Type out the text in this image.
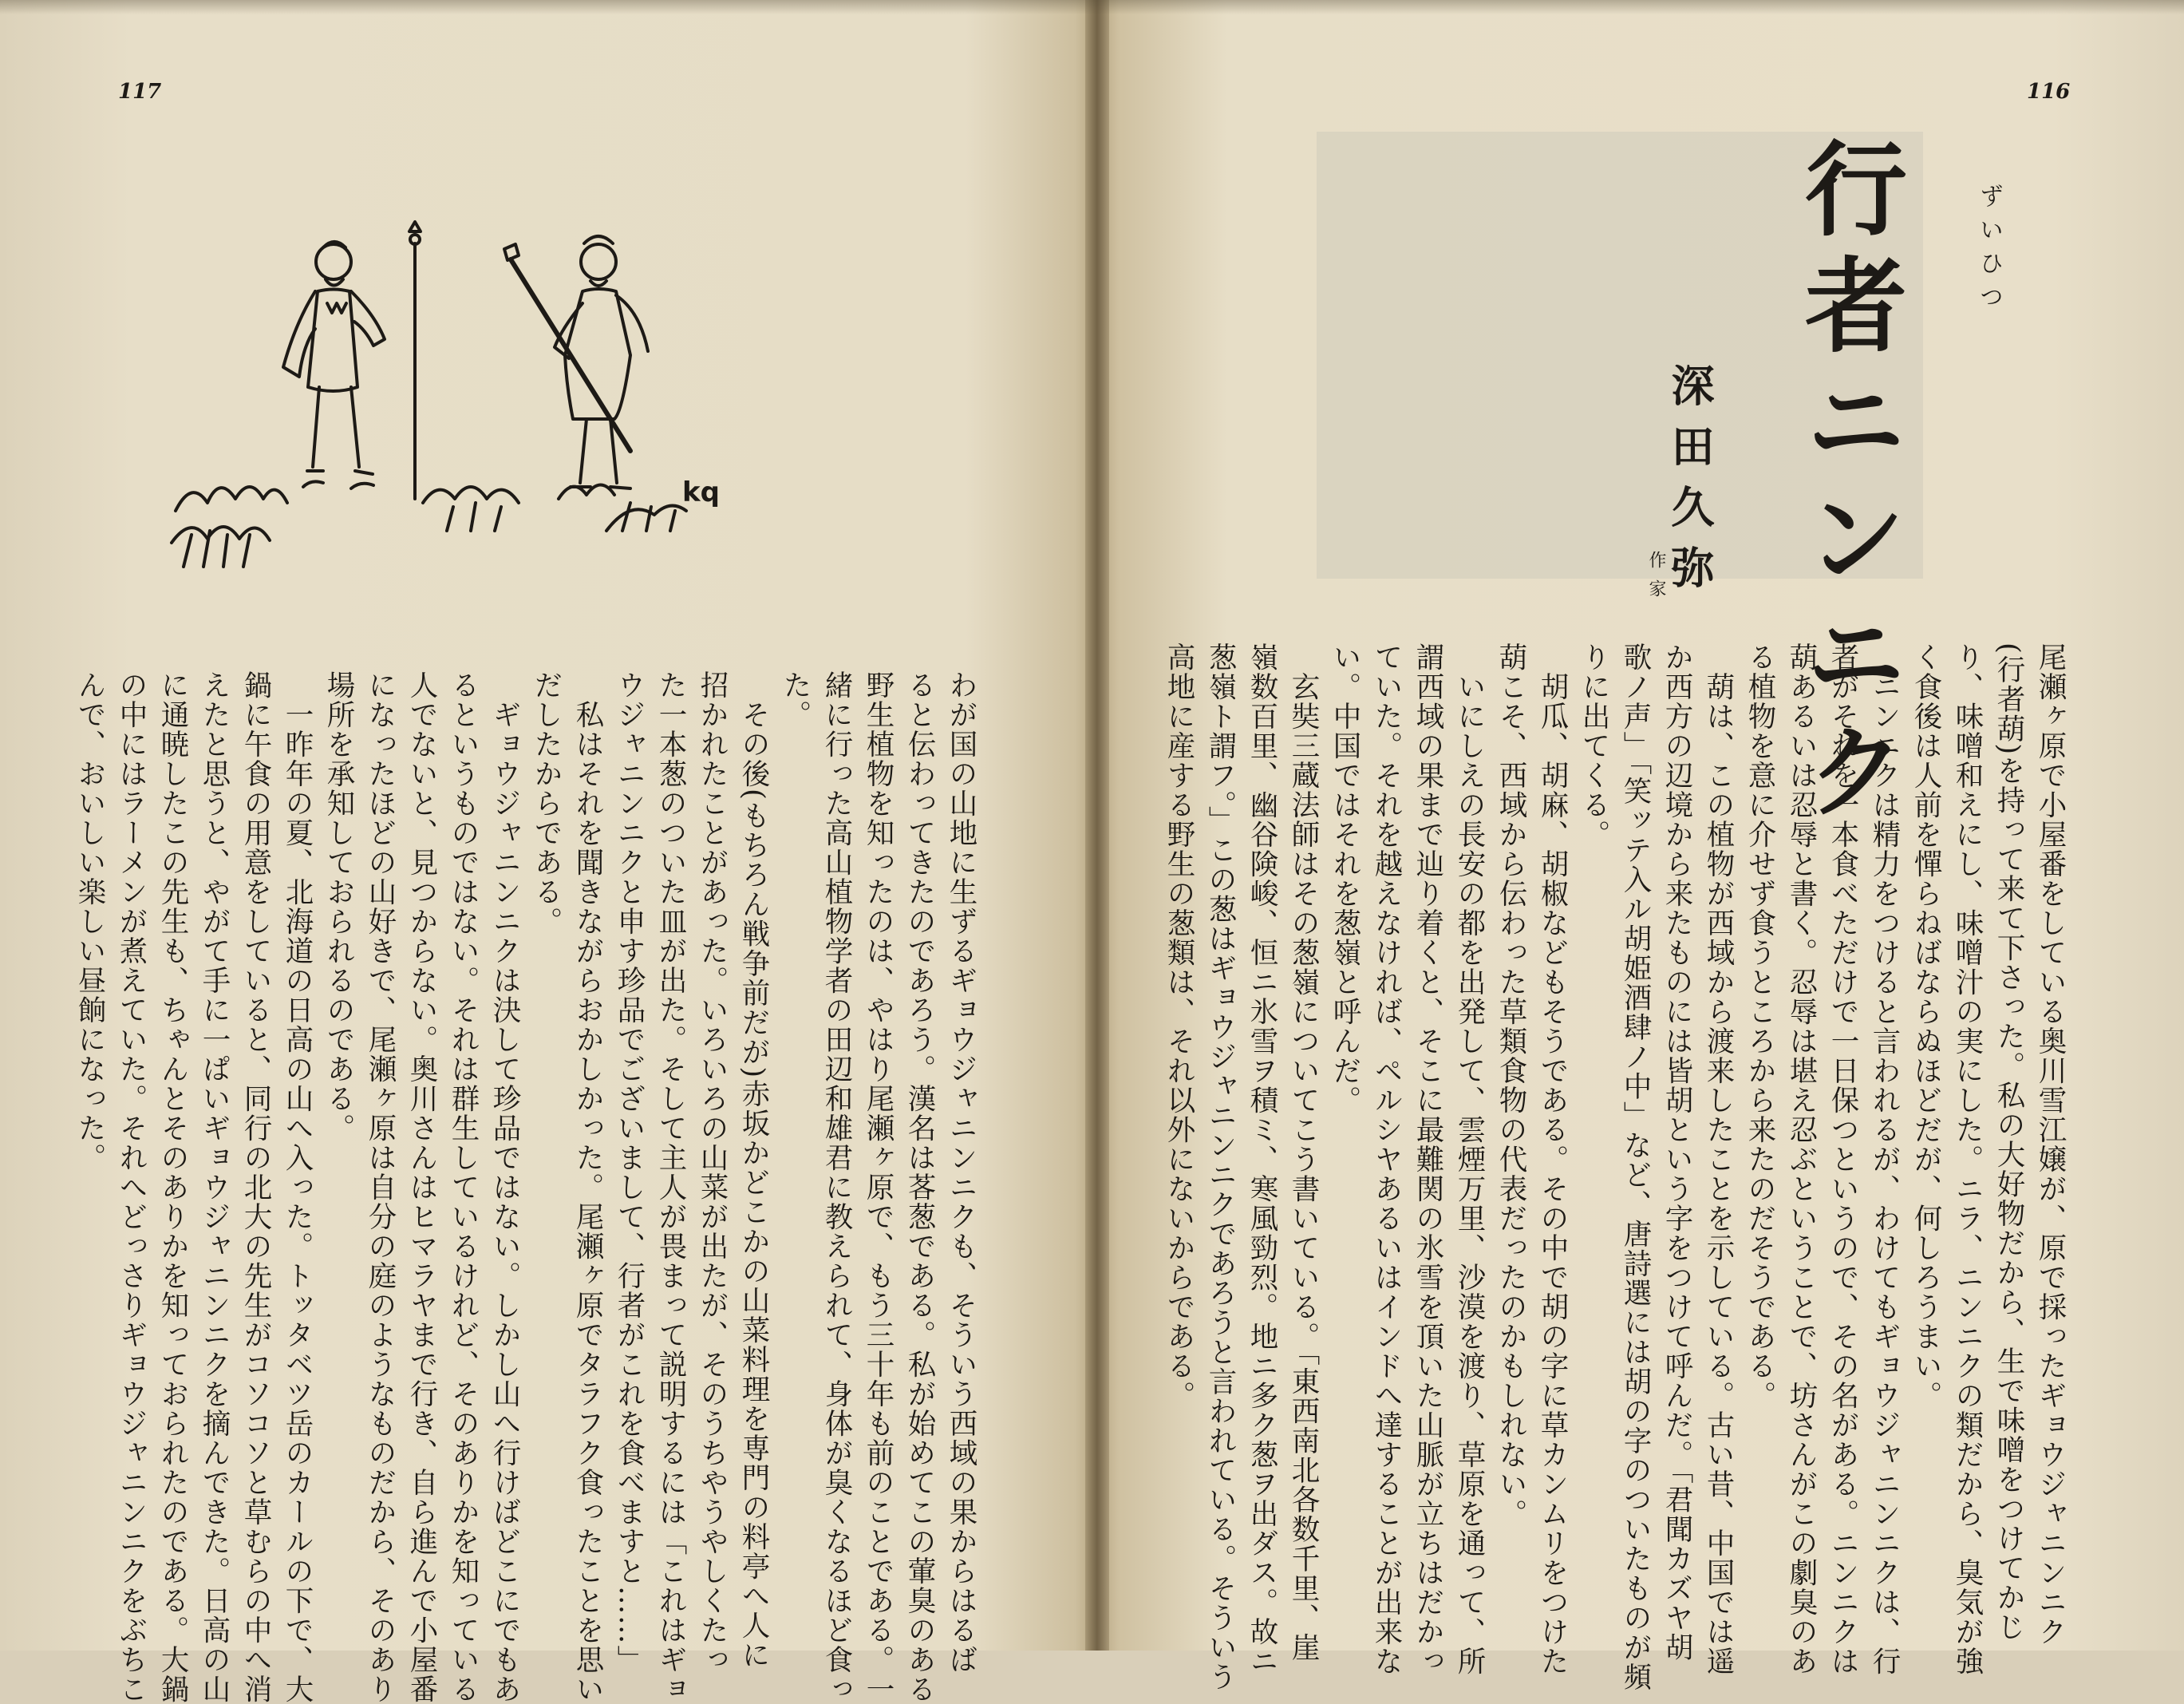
117	116
ずいひつ
行者ニンニク
深田久弥
作家
尾瀬ヶ原で小屋番をしている奥川雪江嬢が、原で採ったギョウジャニンニク
(行者葫)を持って来て下さった。私の大好物だから、生で味噌をつけてかじ
り、味噌和えにし、味噌汁の実にした。ニラ、ニンニクの類だから、臭気が強
く食後は人前を憚らねばならぬほどだが、何しろうまい。
　ニンニクは精力をつけると言われるが、わけてもギョウジャニンニクは、行
者がそれを一本食べただけで一日保つというので、その名がある。ニンニクは
葫あるいは忍辱と書く。忍辱は堪え忍ぶということで、坊さんがこの劇臭のあ
る植物を意に介せず食うところから来たのだそうである。
　葫は、この植物が西域から渡来したことを示している。古い昔、中国では遥
か西方の辺境から来たものには皆胡という字をつけて呼んだ。「君聞カズヤ胡
歌ノ声」「笑ッテ入ル胡姫酒肆ノ中」など、唐詩選には胡の字のついたものが頻
りに出てくる。
　胡瓜、胡麻、胡椒などもそうである。その中で胡の字に草カンムリをつけた
葫こそ、西域から伝わった草類食物の代表だったのかもしれない。
　いにしえの長安の都を出発して、雲煙万里、沙漠を渡り、草原を通って、所
謂西域の果まで辿り着くと、そこに最難関の氷雪を頂いた山脈が立ちはだかっ
ていた。それを越えなければ、ペルシヤあるいはインドへ達することが出来な
い。中国ではそれを葱嶺と呼んだ。
　玄奘三蔵法師はその葱嶺についてこう書いている。「東西南北各数千里、崖
嶺数百里、幽谷険峻、恒ニ氷雪ヲ積ミ、寒風勁烈。地ニ多ク葱ヲ出ダス。故ニ
葱嶺ト謂フ。」この葱はギョウジャニンニクであろうと言われている。そういう
高地に産する野生の葱類は、それ以外にないからである。
わが国の山地に生ずるギョウジャニンニクも、そういう西域の果からはるば
ると伝わってきたのであろう。漢名は茖葱である。私が始めてこの葷臭のある
野生植物を知ったのは、やはり尾瀬ヶ原で、もう三十年も前のことである。一
緒に行った高山植物学者の田辺和雄君に教えられて、身体が臭くなるほど食っ
た。
　その後(もちろん戦争前だが)赤坂かどこかの山菜料理を専門の料亭へ人に
招かれたことがあった。いろいろの山菜が出たが、そのうちやうやしくたっ
た一本葱のついた皿が出た。そして主人が畏まって説明するには「これはギョ
ウジャニンニクと申す珍品でございまして、行者がこれを食べますと……」
　私はそれを聞きながらおかしかった。尾瀬ヶ原でタラフク食ったことを思い
だしたからである。
　ギョウジャニンニクは決して珍品ではない。しかし山へ行けばどこにでもあ
るというものではない。それは群生しているけれど、そのありかを知っている
人でないと、見つからない。奥川さんはヒマラヤまで行き、自ら進んで小屋番
になったほどの山好きで、尾瀬ヶ原は自分の庭のようなものだから、そのあり
場所を承知しておられるのである。
　一昨年の夏、北海道の日高の山へ入った。トッタベツ岳のカールの下で、大
鍋に午食の用意をしていると、同行の北大の先生がコソコソと草むらの中へ消
えたと思うと、やがて手に一ぱいギョウジャニンニクを摘んできた。日高の山
に通暁したこの先生も、ちゃんとそのありかを知っておられたのである。大鍋
の中にはラーメンが煮えていた。それへどっさりギョウジャニンニクをぶちこ
んで、おいしい楽しい昼餉になった。
kq
